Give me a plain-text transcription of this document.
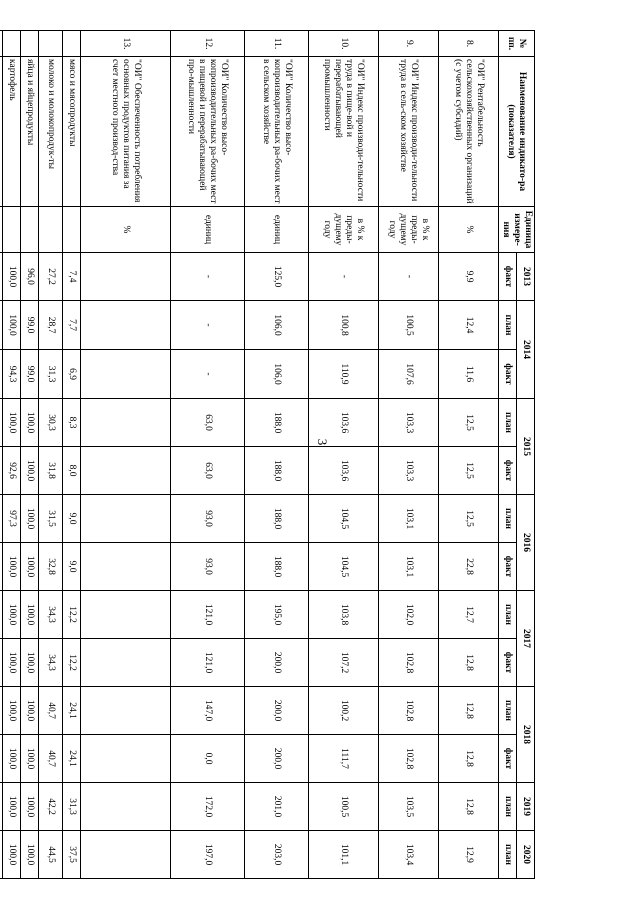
3
№ пп.	Наименование индикато-ра (показателя)	Единица измере-ния	2013	2014		2015		2016		2017		2018		2019	2020
			факт	план	факт	план	факт	план	факт	план	факт	план	факт	план	план
8.	"ОИ" Рентабельность сельскохозяйственных организаций (с учетом субсидий)	%	9,9	12,4	11,6	12,5	12,5	12,5	22,8	12,7	12,8	12,8	12,8	12,8	12,9
9.	"ОИ" Индекс производи-тельности труда в сель-ском хозяйстве	в % к преды-дущему году	-	100,5	107,6	103,3	103,3	103,1	103,1	102,0	102,8	102,8	102,8	103,5	103,4
10.	"ОИ" Индекс производи-тельности труда в пище-вой и перерабатывающей промышленности	в % к преды-дущему году	-	100,8	110,9	103,6	103,6	104,5	104,5	103,8	107,2	100,2	111,7	100,5	101,1
11.	"ОИ" Количество высо-копроизводительных ра-бочих мест в сельском хозяйстве	единиц	125,0	106,0	106,0	188,0	188,0	188,0	188,0	195,0	200,0	200,0	200,0	201,0	203,0
12.	"ОИ" Количество высо-копроизводительных ра-бочих мест в пищевой и перерабатывающей про-мышленности	единиц	-	-	-	63,0	63,0	93,0	93,0	121,0	121,0	147,0	0,0	172,0	197,0
13.	"ОИ" Обеспеченность потребления основных продуктов питания за счет местного производ-ства	%													
	мясо и мясопродукты		7,4	7,7	6,9	8,3	8,0	9,0	9,0	12,2	12,2	24,1	24,1	31,3	37,5
	молоко и молокопродук-ты		27,2	28,7	31,3	30,3	31,8	31,5	32,8	34,3	34,3	40,7	40,7	42,2	44,5
	яйца и яйцепродукты		96,0	99,0	99,0	100,0	100,0	100,0	100,0	100,0	100,0	100,0	100,0	100,0	100,0
	картофель		100,0	100,0	94,3	100,0	92,6	97,3	100,0	100,0	100,0	100,0	100,0	100,0	100,0
